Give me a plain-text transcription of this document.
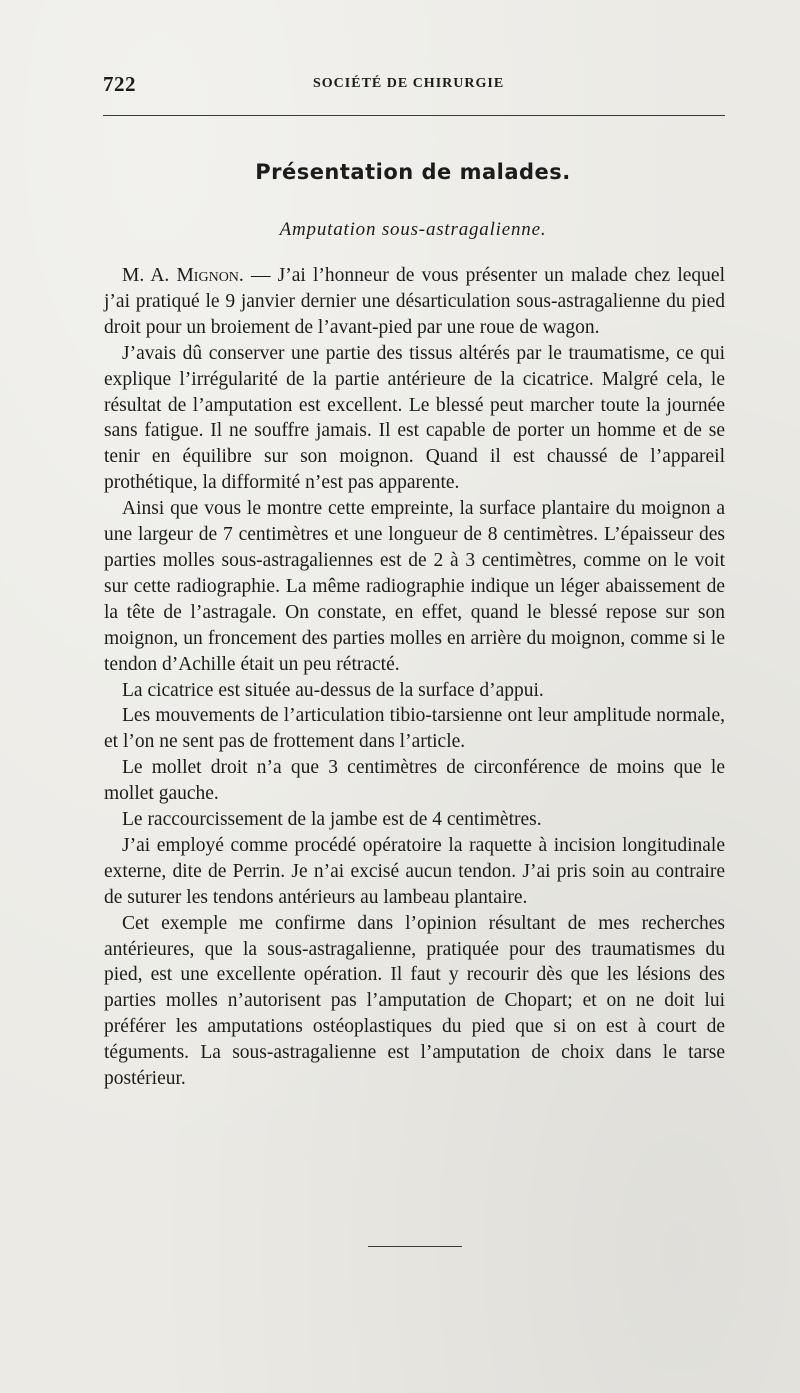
722	SOCIÉTÉ DE CHIRURGIE
Présentation de malades.
Amputation sous-astragalienne.

M. A. Mignon. — J’ai l’honneur de vous présenter un malade chez lequel j’ai pratiqué le 9 janvier dernier une désarticulation sous-astragalienne du pied droit pour un broiement de l’avant-pied par une roue de wagon.

J’avais dû conserver une partie des tissus altérés par le traumatisme, ce qui explique l’irrégularité de la partie antérieure de la cicatrice. Malgré cela, le résultat de l’amputation est excellent. Le blessé peut marcher toute la journée sans fatigue. Il ne souffre jamais. Il est capable de porter un homme et de se tenir en équilibre sur son moignon. Quand il est chaussé de l’appareil prothétique, la difformité n’est pas apparente.

Ainsi que vous le montre cette empreinte, la surface plantaire du moignon a une largeur de 7 centimètres et une longueur de 8 centimètres. L’épaisseur des parties molles sous-astragaliennes est de 2 à 3 centimètres, comme on le voit sur cette radiographie. La même radiographie indique un léger abaissement de la tête de l’astragale. On constate, en effet, quand le blessé repose sur son moignon, un froncement des parties molles en arrière du moignon, comme si le tendon d’Achille était un peu rétracté.

La cicatrice est située au-dessus de la surface d’appui.

Les mouvements de l’articulation tibio-tarsienne ont leur amplitude normale, et l’on ne sent pas de frottement dans l’article.

Le mollet droit n’a que 3 centimètres de circonférence de moins que le mollet gauche.

Le raccourcissement de la jambe est de 4 centimètres.

J’ai employé comme procédé opératoire la raquette à incision longitudinale externe, dite de Perrin. Je n’ai excisé aucun tendon. J’ai pris soin au contraire de suturer les tendons antérieurs au lambeau plantaire.

Cet exemple me confirme dans l’opinion résultant de mes recherches antérieures, que la sous-astragalienne, pratiquée pour des traumatismes du pied, est une excellente opération. Il faut y recourir dès que les lésions des parties molles n’autorisent pas l’amputation de Chopart; et on ne doit lui préférer les amputations ostéoplastiques du pied que si on est à court de téguments. La sous-astragalienne est l’amputation de choix dans le tarse postérieur.
